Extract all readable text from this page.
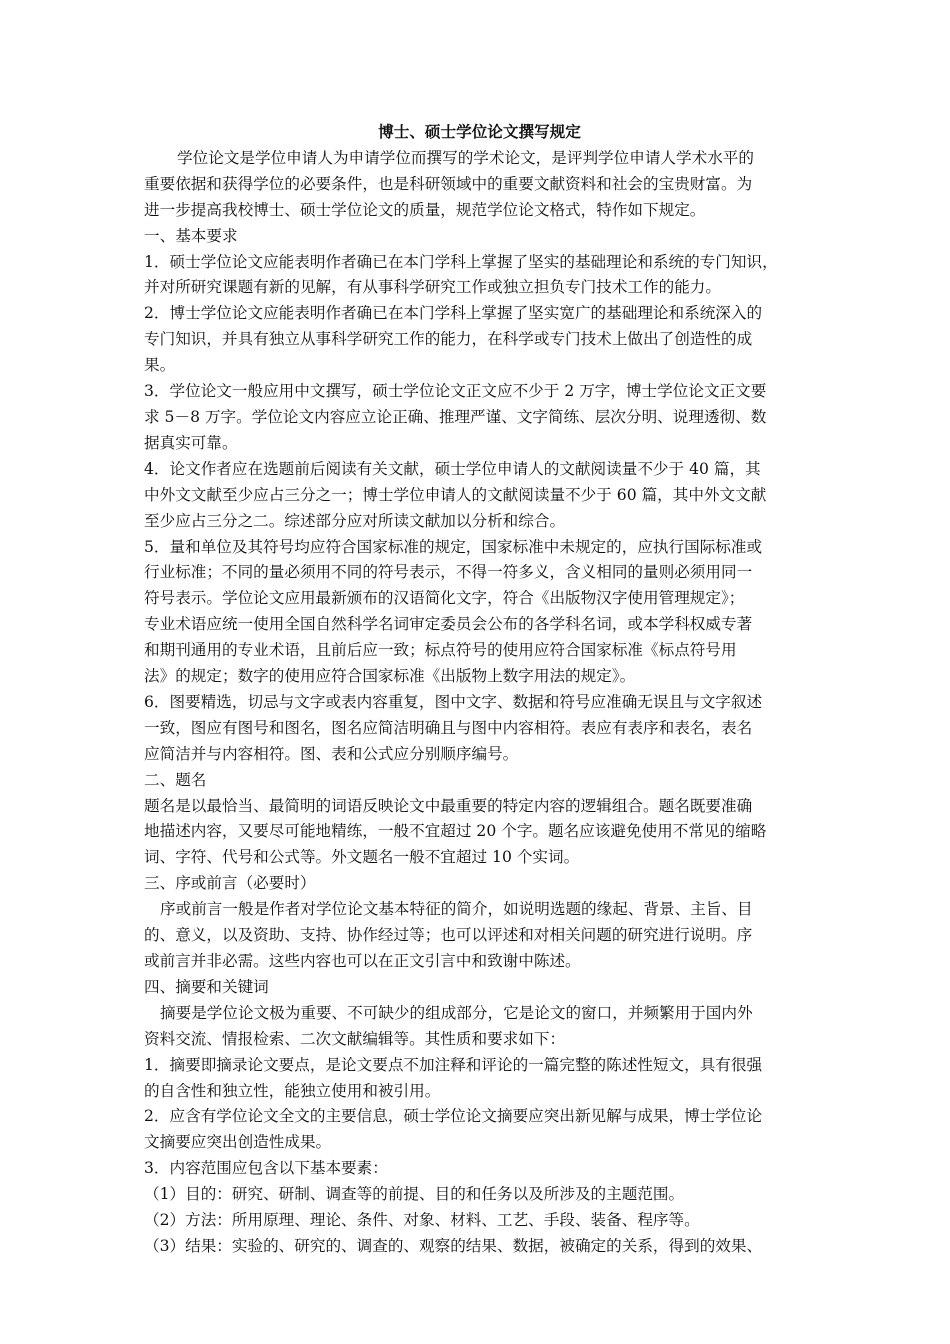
博士、硕士学位论文撰写规定
学位论文是学位申请人为申请学位而撰写的学术论文，是评判学位申请人学术水平的
重要依据和获得学位的必要条件，也是科研领域中的重要文献资料和社会的宝贵财富。为
进一步提高我校博士、硕士学位论文的质量，规范学位论文格式，特作如下规定。
一、基本要求
1．硕士学位论文应能表明作者确已在本门学科上掌握了坚实的基础理论和系统的专门知识，
并对所研究课题有新的见解，有从事科学研究工作或独立担负专门技术工作的能力。
2．博士学位论文应能表明作者确已在本门学科上掌握了坚实宽广的基础理论和系统深入的
专门知识，并具有独立从事科学研究工作的能力，在科学或专门技术上做出了创造性的成
果。
3．学位论文一般应用中文撰写，硕士学位论文正文应不少于 2 万字，博士学位论文正文要
求 5－8 万字。学位论文内容应立论正确、推理严谨、文字简练、层次分明、说理透彻、数
据真实可靠。
4．论文作者应在选题前后阅读有关文献，硕士学位申请人的文献阅读量不少于 40 篇，其
中外文文献至少应占三分之一；博士学位申请人的文献阅读量不少于 60 篇，其中外文文献
至少应占三分之二。综述部分应对所读文献加以分析和综合。
5．量和单位及其符号均应符合国家标准的规定，国家标准中未规定的，应执行国际标准或
行业标准；不同的量必须用不同的符号表示，不得一符多义，含义相同的量则必须用同一
符号表示。学位论文应用最新颁布的汉语简化文字，符合《出版物汉字使用管理规定》；
专业术语应统一使用全国自然科学名词审定委员会公布的各学科名词，或本学科权威专著
和期刊通用的专业术语，且前后应一致；标点符号的使用应符合国家标准《标点符号用
法》的规定；数字的使用应符合国家标准《出版物上数字用法的规定》。
6．图要精选，切忌与文字或表内容重复，图中文字、数据和符号应准确无误且与文字叙述
一致，图应有图号和图名，图名应简洁明确且与图中内容相符。表应有表序和表名，表名
应简洁并与内容相符。图、表和公式应分别顺序编号。
二、题名
题名是以最恰当、最简明的词语反映论文中最重要的特定内容的逻辑组合。题名既要准确
地描述内容，又要尽可能地精练，一般不宜超过 20 个字。题名应该避免使用不常见的缩略
词、字符、代号和公式等。外文题名一般不宜超过 10 个实词。
三、序或前言（必要时）
序或前言一般是作者对学位论文基本特征的简介，如说明选题的缘起、背景、主旨、目
的、意义，以及资助、支持、协作经过等；也可以评述和对相关问题的研究进行说明。序
或前言并非必需。这些内容也可以在正文引言中和致谢中陈述。
四、摘要和关键词
摘要是学位论文极为重要、不可缺少的组成部分，它是论文的窗口，并频繁用于国内外
资料交流、情报检索、二次文献编辑等。其性质和要求如下：
1．摘要即摘录论文要点，是论文要点不加注释和评论的一篇完整的陈述性短文，具有很强
的自含性和独立性，能独立使用和被引用。
2．应含有学位论文全文的主要信息，硕士学位论文摘要应突出新见解与成果，博士学位论
文摘要应突出创造性成果。
3．内容范围应包含以下基本要素：
（1）目的：研究、研制、调查等的前提、目的和任务以及所涉及的主题范围。
（2）方法：所用原理、理论、条件、对象、材料、工艺、手段、装备、程序等。
（3）结果：实验的、研究的、调查的、观察的结果、数据，被确定的关系，得到的效果、
